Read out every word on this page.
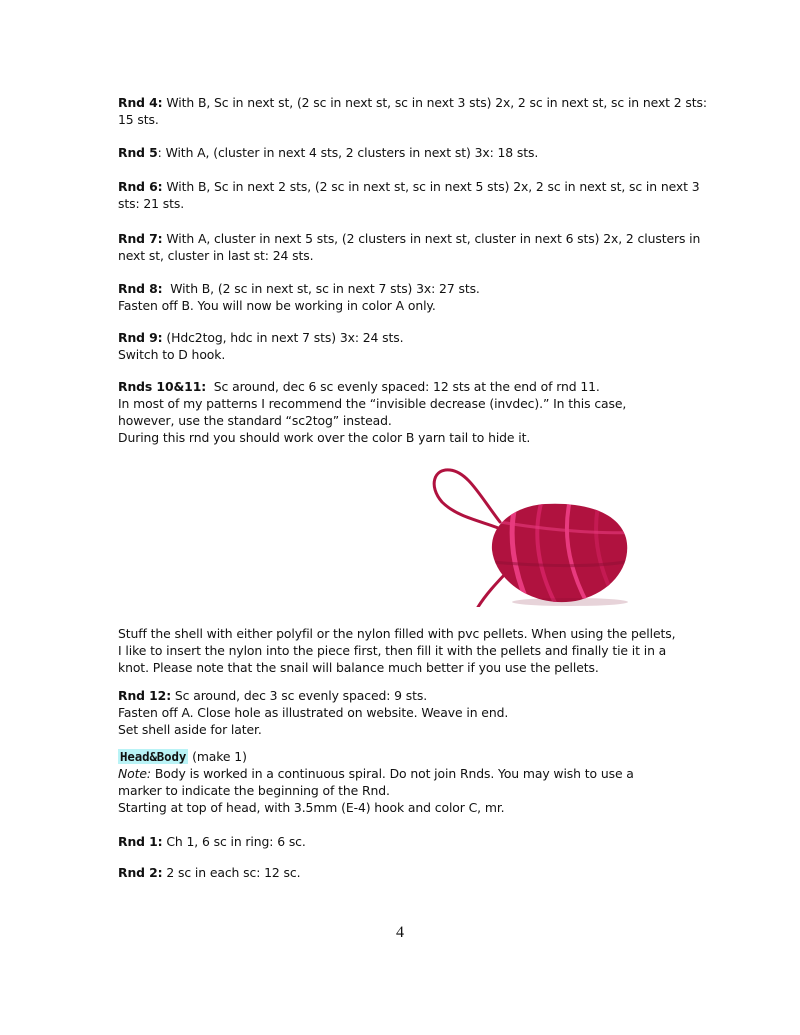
Rnd 4: With B, Sc in next st, (2 sc in next st, sc in next 3 sts) 2x, 2 sc in next st, sc in next 2 sts:
15 sts.

Rnd 5: With A, (cluster in next 4 sts, 2 clusters in next st) 3x: 18 sts.

Rnd 6: With B, Sc in next 2 sts, (2 sc in next st, sc in next 5 sts) 2x, 2 sc in next st, sc in next 3
sts: 21 sts.

Rnd 7: With A, cluster in next 5 sts, (2 clusters in next st, cluster in next 6 sts) 2x, 2 clusters in
next st, cluster in last st: 24 sts.

Rnd 8:  With B, (2 sc in next st, sc in next 7 sts) 3x: 27 sts.
Fasten off B. You will now be working in color A only.

Rnd 9: (Hdc2tog, hdc in next 7 sts) 3x: 24 sts.
Switch to D hook.

Rnds 10&11:  Sc around, dec 6 sc evenly spaced: 12 sts at the end of rnd 11.
In most of my patterns I recommend the “invisible decrease (invdec).” In this case,
however, use the standard “sc2tog” instead.
During this rnd you should work over the color B yarn tail to hide it.

Stuff the shell with either polyfil or the nylon filled with pvc pellets. When using the pellets,
I like to insert the nylon into the piece first, then fill it with the pellets and finally tie it in a
knot. Please note that the snail will balance much better if you use the pellets.

Rnd 12: Sc around, dec 3 sc evenly spaced: 9 sts.
Fasten off A. Close hole as illustrated on website. Weave in end.
Set shell aside for later.

Head&Body (make 1)
Note: Body is worked in a continuous spiral. Do not join Rnds. You may wish to use a
marker to indicate the beginning of the Rnd.
Starting at top of head, with 3.5mm (E-4) hook and color C, mr.

Rnd 1: Ch 1, 6 sc in ring: 6 sc.

Rnd 2: 2 sc in each sc: 12 sc.

4
